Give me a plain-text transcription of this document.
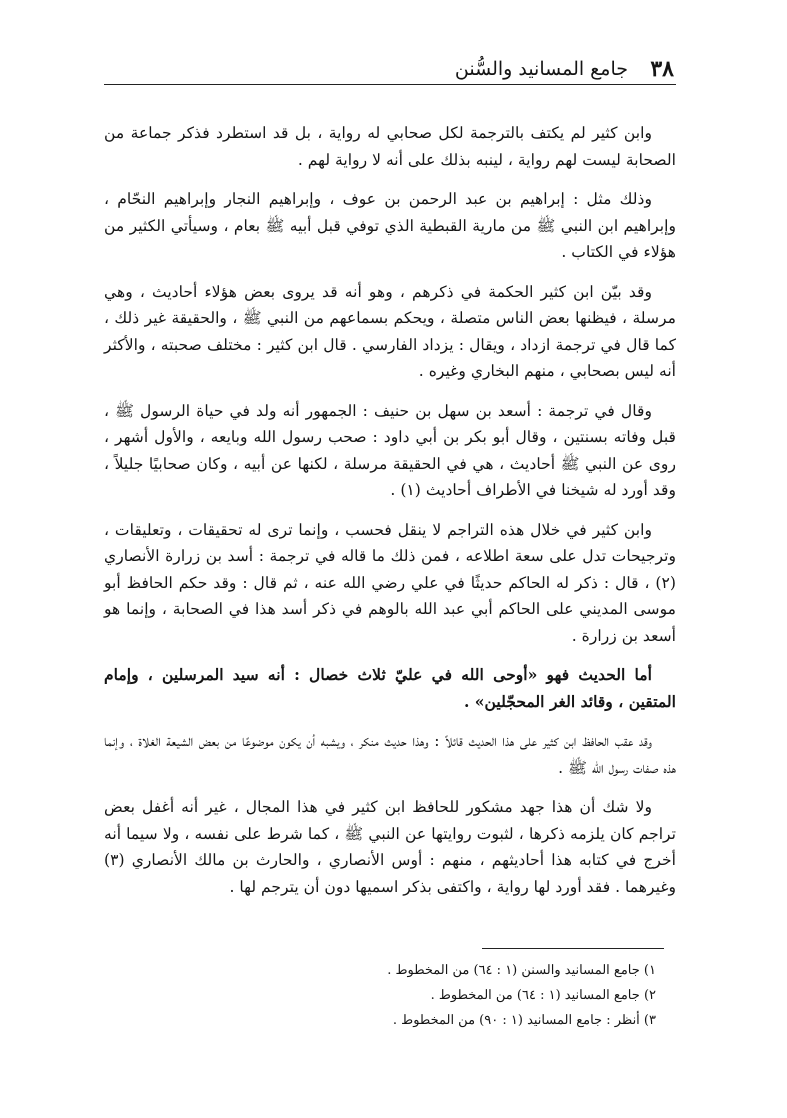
٣٨
جامع المسانيد والسُّنن

وابن كثير لم يكتف بالترجمة لكل صحابي له رواية ، بل قد استطرد فذكر جماعة من الصحابة ليست لهم رواية ، لينبه بذلك على أنه لا رواية لهم .

وذلك مثل : إبراهيم بن عبد الرحمن بن عوف ، وإبراهيم النجار وإبراهيم النحّام ، وإبراهيم ابن النبي ﷺ من مارية القبطية الذي توفي قبل أبيه ﷺ بعام ، وسيأتي الكثير من هؤلاء في الكتاب .

وقد بيّن ابن كثير الحكمة في ذكرهم ، وهو أنه قد يروى بعض هؤلاء أحاديث ، وهي مرسلة ، فيظنها بعض الناس متصلة ، ويحكم بسماعهم من النبي ﷺ ، والحقيقة غير ذلك ، كما قال في ترجمة ازداد ، ويقال : يزداد الفارسي . قال ابن كثير : مختلف صحبته ، والأكثر أنه ليس بصحابي ، منهم البخاري وغيره .

وقال في ترجمة : أسعد بن سهل بن حنيف : الجمهور أنه ولد في حياة الرسول ﷺ ، قبل وفاته بسنتين ، وقال أبو بكر بن أبي داود : صحب رسول الله وبايعه ، والأول أشهر ، روى عن النبي ﷺ أحاديث ، هي في الحقيقة مرسلة ، لكنها عن أبيه ، وكان صحابيًا جليلاً ، وقد أورد له شيخنا في الأطراف أحاديث (١) .

وابن كثير في خلال هذه التراجم لا ينقل فحسب ، وإنما ترى له تحقيقات ، وتعليقات ، وترجيحات تدل على سعة اطلاعه ، فمن ذلك ما قاله في ترجمة : أسد بن زرارة الأنصاري (٢) ، قال : ذكر له الحاكم حديثًا في علي رضي الله عنه ، ثم قال : وقد حكم الحافظ أبو موسى المديني على الحاكم أبي عبد الله بالوهم في ذكر أسد هذا في الصحابة ، وإنما هو أسعد بن زرارة .

أما الحديث فهو «أوحى الله في عليّ ثلاث خصال : أنه سيد المرسلين ، وإمام المتقين ، وقائد الغر المحجّلين» .

وقد عقب الحافظ ابن كثير على هذا الحديث قائلاً : وهذا حديث منكر ، ويشبه أن يكون موضوعًا من بعض الشيعة الغلاة ، وإنما هذه صفات رسول الله ﷺ .

ولا شك أن هذا جهد مشكور للحافظ ابن كثير في هذا المجال ، غير أنه أغفل بعض تراجم كان يلزمه ذكرها ، لثبوت روايتها عن النبي ﷺ ، كما شرط على نفسه ، ولا سيما أنه أخرج في كتابه هذا أحاديثهم ، منهم : أوس الأنصاري ، والحارث بن مالك الأنصاري (٣) وغيرهما . فقد أورد لها رواية ، واكتفى بذكر اسميها دون أن يترجم لها .

١) جامع المسانيد والسنن (١ : ٦٤) من المخطوط .
٢) جامع المسانيد (١ : ٦٤) من المخطوط .
٣) أنظر : جامع المسانيد (١ : ٩٠) من المخطوط .
